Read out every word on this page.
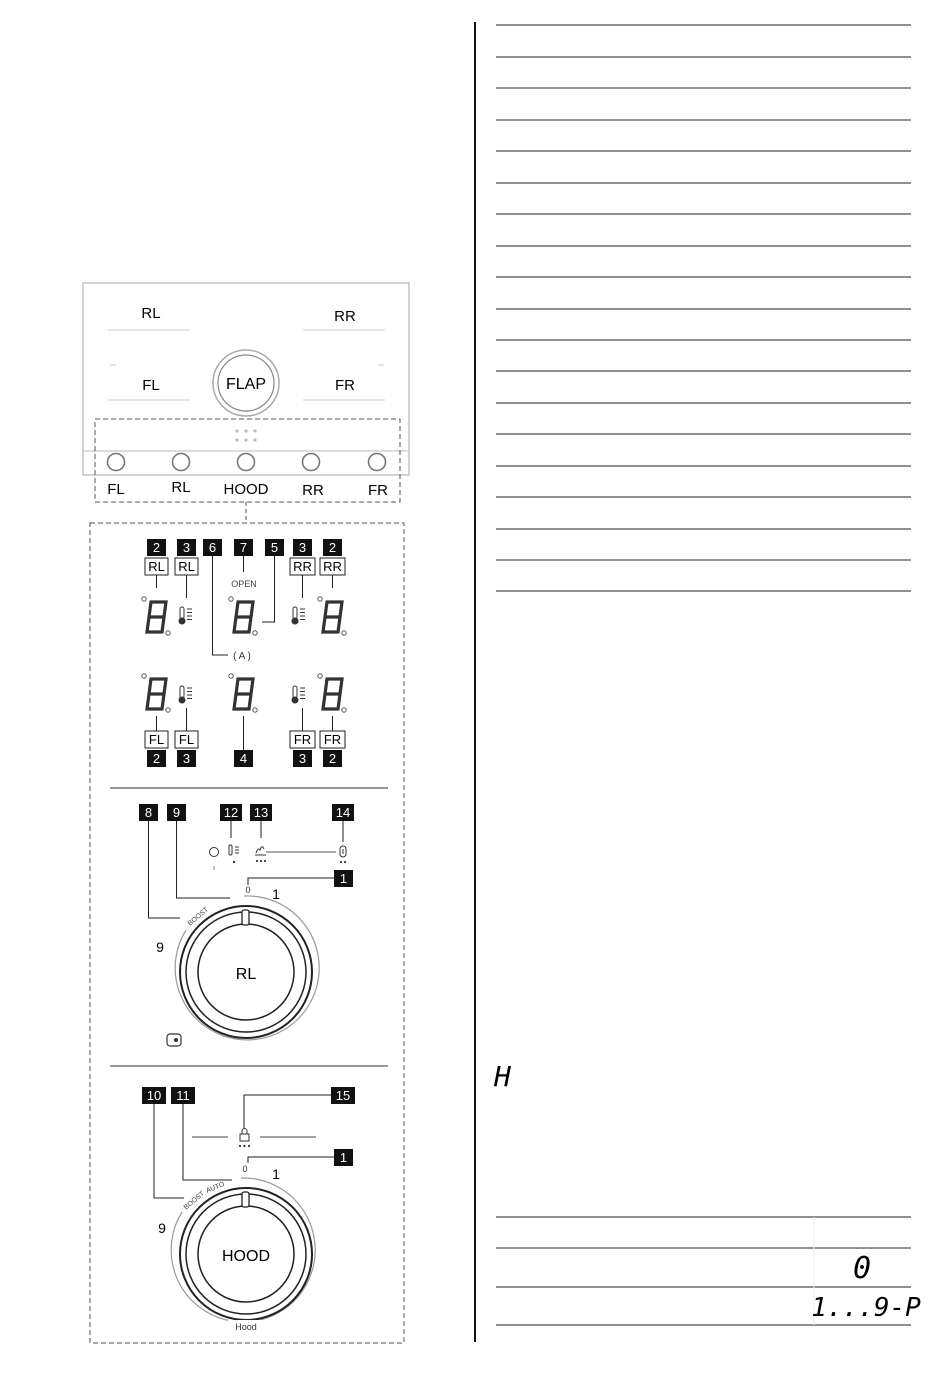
RL	RR
FL	FR
FLAP
FL	RL HOOD RR	FR
2
RL
3
RL
6 7 5 3
RR
2
RR
OPEN
( A )
FL
2
FL
3	4
FR
3
FR
2
8 9	12 13	14
1
0 1
9
BOOST
RL
10 11	15
1
0 1
9
BOOST
AUTO
HOOD
Hood
H
0
1...9-P
